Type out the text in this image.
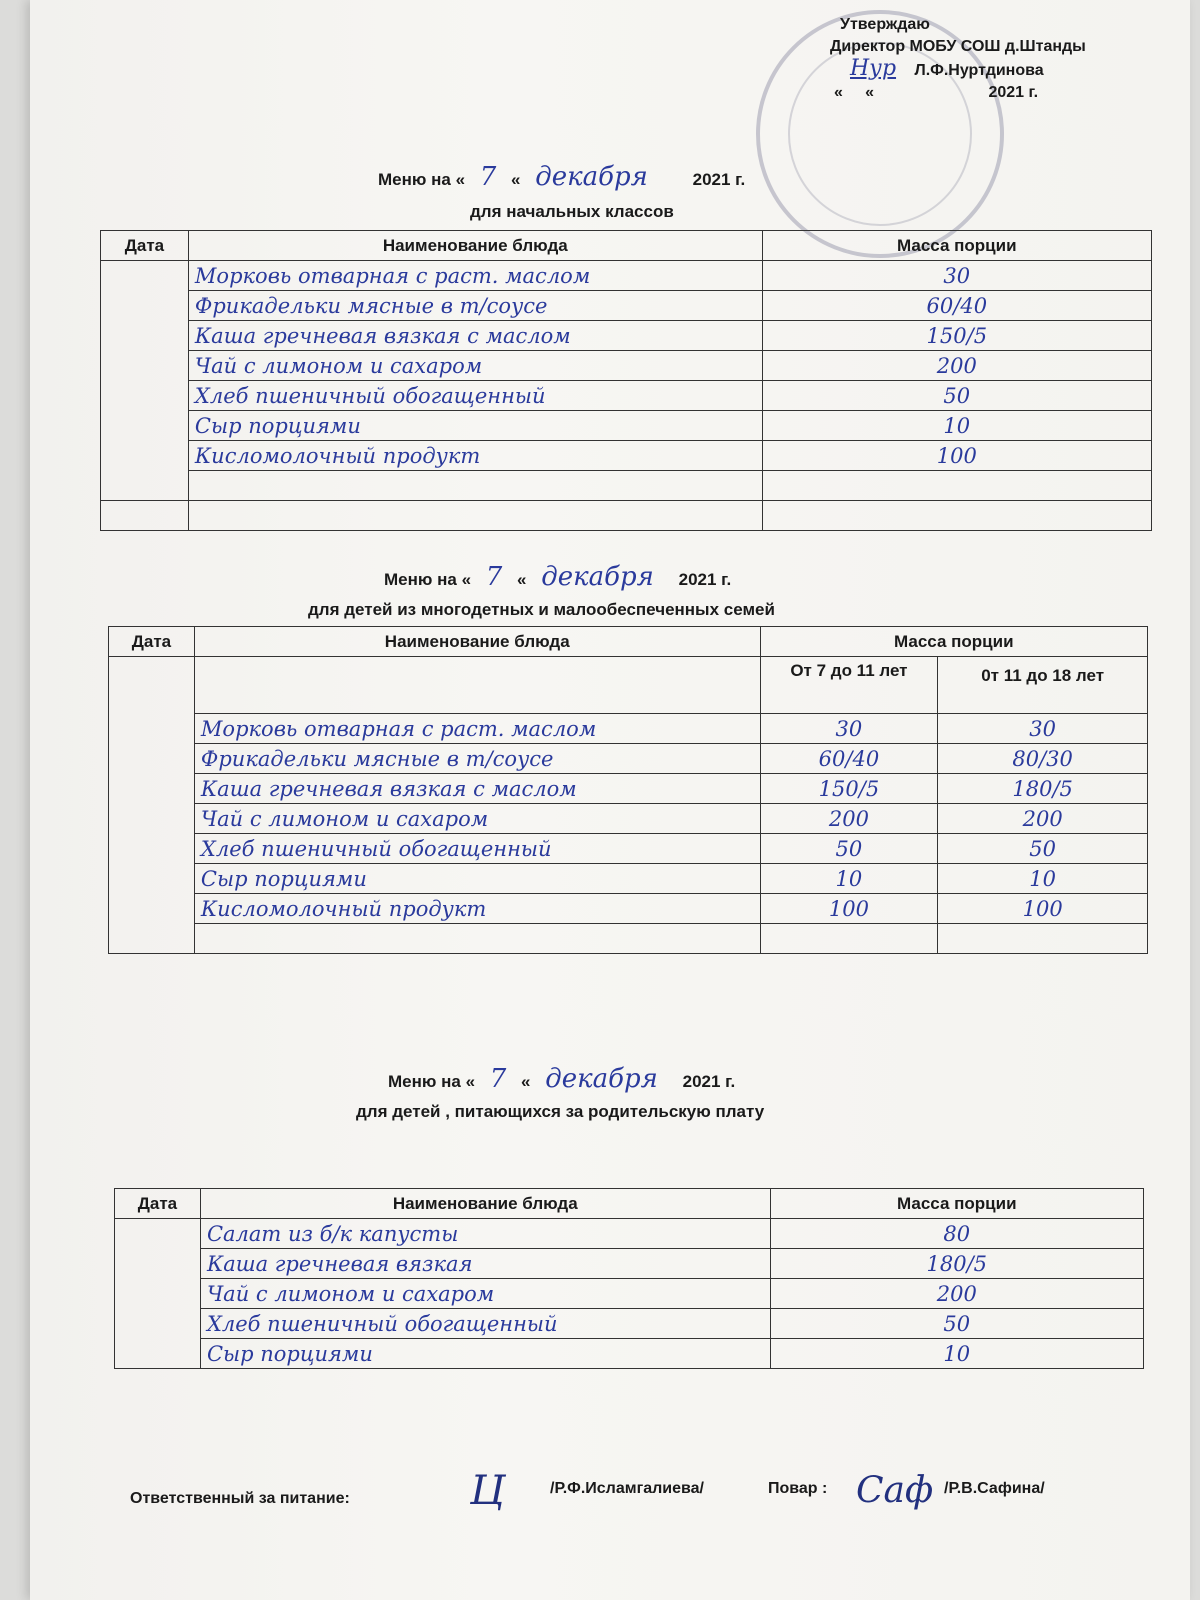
Утверждаю
Директор МОБУ СОШ д.Штанды
Нур Л.Ф.Нуртдинова
«     «	2021 г.
Меню на « 7 « декабря	2021 г.
для начальных классов
Дата	Наименование блюда	Масса порции
	Морковь отварная с раст. маслом	30
	Фрикадельки мясные в т/соусе	60/40
	Каша гречневая вязкая с маслом	150/5
	Чай с лимоном и сахаром	200
	Хлеб пшеничный обогащенный	50
	Сыр порциями	10
	Кисломолочный продукт	100

Меню на « 7 « декабря 2021 г.
для детей из многодетных и малообеспеченных семей
Дата	Наименование блюда	Масса порции	
		От 7 до 11 лет	0т 11 до 18 лет
	Морковь отварная с раст. маслом	30	30
	Фрикадельки мясные в т/соусе	60/40	80/30
	Каша гречневая вязкая с маслом	150/5	180/5
	Чай с лимоном и сахаром	200	200
	Хлеб пшеничный обогащенный	50	50
	Сыр порциями	10	10
	Кисломолочный продукт	100	100

Меню на « 7 « декабря 2021 г.
для детей , питающихся за родительскую плату
Дата	Наименование блюда	Масса порции
	Салат из б/к капусты	80
	Каша гречневая вязкая	180/5
	Чай с лимоном и сахаром	200
	Хлеб пшеничный обогащенный	50
	Сыр порциями	10
Ответственный за питание:	Ц	/Р.Ф.Исламгалиева/	Повар : Саф /Р.В.Сафина/
